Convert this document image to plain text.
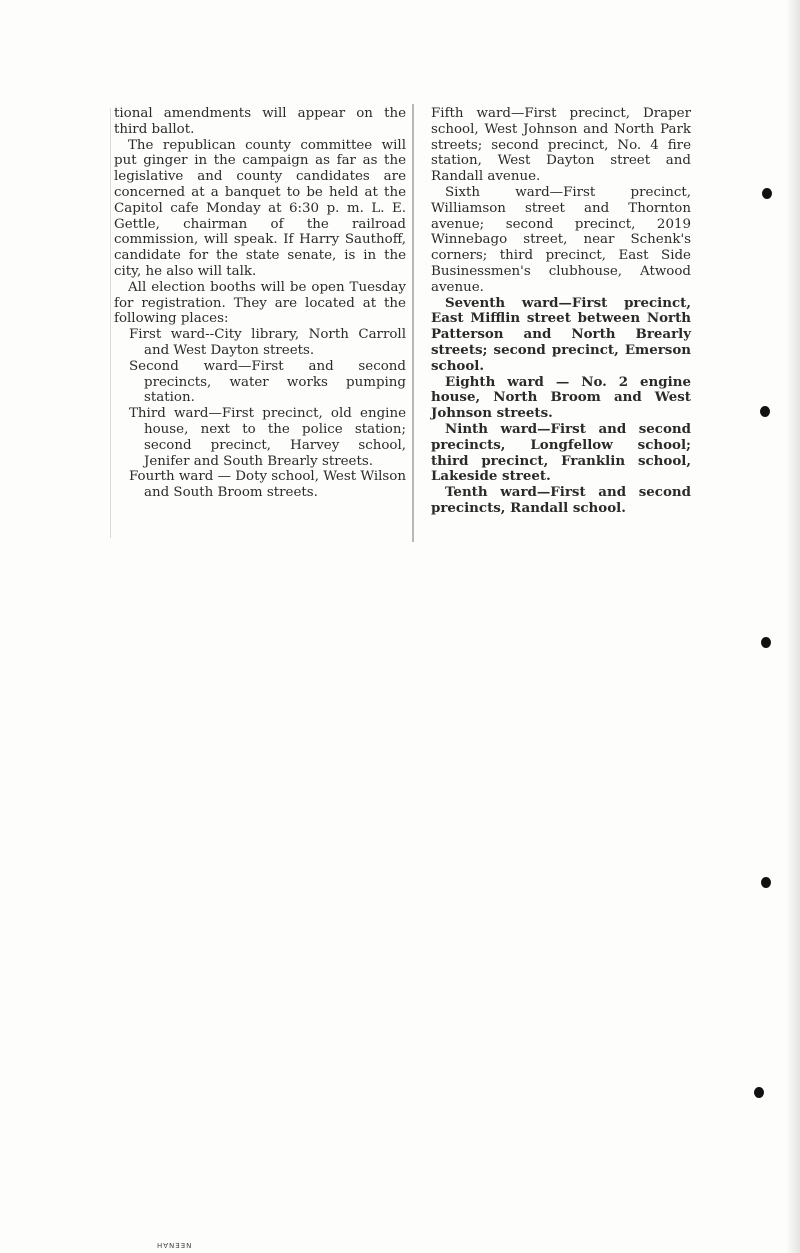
tional amendments will appear on the third ballot.

The republican county committee will put ginger in the campaign as far as the legislative and county candidates are concerned at a banquet to be held at the Capitol cafe Monday at 6:30 p. m. L. E. Gettle, chairman of the railroad commission, will speak. If Harry Sauthoff, candidate for the state senate, is in the city, he also will talk.

All election booths will be open Tuesday for registration. They are located at the following places:

First ward--City library, North Carroll and West Dayton streets.

Second ward—First and second precincts, water works pumping station.

Third ward—First precinct, old engine house, next to the police station; second precinct, Harvey school, Jenifer and South Brearly streets.

Fourth ward — Doty school, West Wilson and South Broom streets.

Fifth ward—First precinct, Draper school, West Johnson and North Park streets; second precinct, No. 4 fire station, West Dayton street and Randall avenue.

Sixth ward—First precinct, Williamson street and Thornton avenue; second precinct, 2019 Winnebago street, near Schenk's corners; third precinct, East Side Businessmen's clubhouse, Atwood avenue.

Seventh ward—First precinct, East Mifflin street between North Patterson and North Brearly streets; second precinct, Emerson school.

Eighth ward — No. 2 engine house, North Broom and West Johnson streets.

Ninth ward—First and second precincts, Longfellow school; third precinct, Franklin school, Lakeside street.

Tenth ward—First and second precincts, Randall school.

NEENAH
